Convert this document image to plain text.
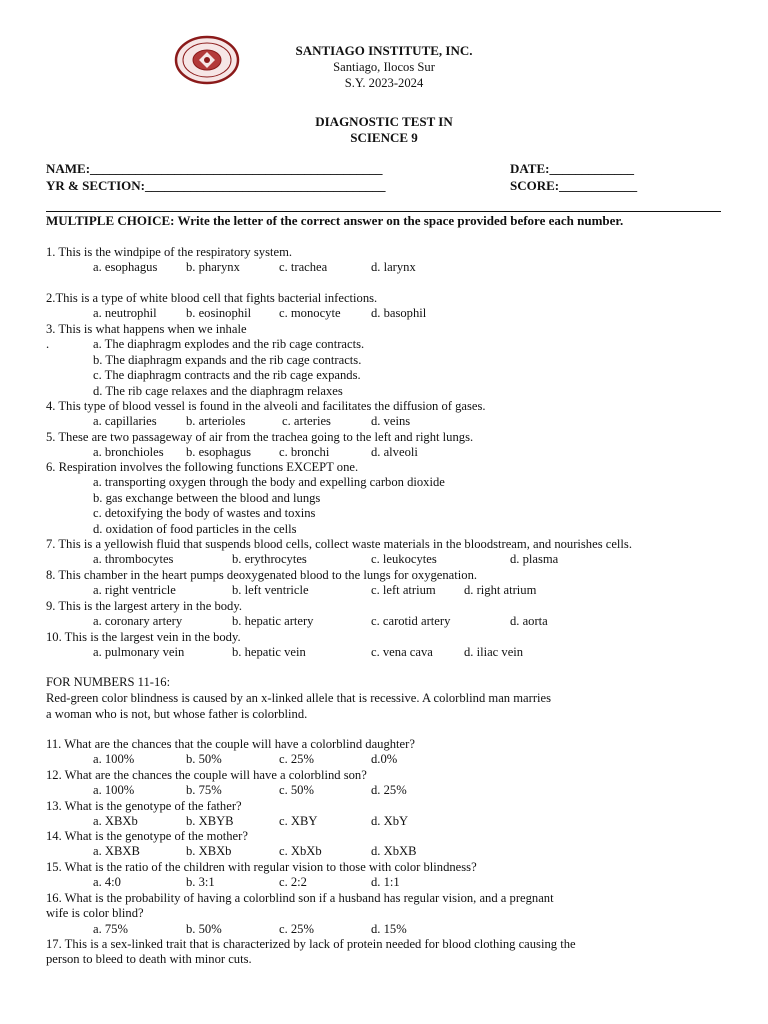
SANTIAGO INSTITUTE, INC.
Santiago, Ilocos Sur
S.Y. 2023-2024
DIAGNOSTIC TEST IN
SCIENCE 9
NAME:_____________________________________________	DATE:_____________
YR & SECTION:_____________________________________	SCORE:____________
MULTIPLE CHOICE: Write the letter of the correct answer on the space provided before each number.
1. This is the windpipe of the respiratory system.
a. esophagus b. pharynx	c. trachea	d. larynx
2.This is a type of white blood cell that fights bacterial infections.
a. neutrophil b. eosinophil c. monocyte d. basophil
3. This is what happens when we inhale
.	a. The diaphragm explodes and the rib cage contracts.
b. The diaphragm expands and the rib cage contracts.
c. The diaphragm contracts and the rib cage expands.
d. The rib cage relaxes and the diaphragm relaxes
4. This type of blood vessel is found in the alveoli and facilitates the diffusion of gases.
a. capillaries b. arterioles	c. arteries	d. veins
5. These are two passageway of air from the trachea going to the left and right lungs.
a. bronchioles b. esophagus c. bronchi	d. alveoli
6. Respiration involves the following functions EXCEPT one.
a. transporting oxygen through the body and expelling carbon dioxide
b. gas exchange between the blood and lungs
c. detoxifying the body of wastes and toxins
d. oxidation of food particles in the cells
7. This is a yellowish fluid that suspends blood cells, collect waste materials in the bloodstream, and nourishes cells.
a. thrombocytes	b. erythrocytes	c. leukocytes	d. plasma
8. This chamber in the heart pumps deoxygenated blood to the lungs for oxygenation.
a. right ventricle	b. left ventricle	c. left atrium d. right atrium
9. This is the largest artery in the body.
a. coronary artery	b. hepatic artery	c. carotid artery	d. aorta
10. This is the largest vein in the body.
a. pulmonary vein	b. hepatic vein	c. vena cava d. iliac vein
FOR NUMBERS 11-16:
Red-green color blindness is caused by an x-linked allele that is recessive. A colorblind man marries
a woman who is not, but whose father is colorblind.
11. What are the chances that the couple will have a colorblind daughter?
a. 100%	b. 50%	c. 25%	d.0%
12. What are the chances the couple will have a colorblind son?
a. 100%	b. 75%	c. 50%	d. 25%
13. What is the genotype of the father?
a. XBXb	b. XBYB	c. XBY	d. XbY
14. What is the genotype of the mother?
a. XBXB	b. XBXb	c. XbXb	d. XbXB
15. What is the ratio of the children with regular vision to those with color blindness?
a. 4:0	b. 3:1	c. 2:2	d. 1:1
16. What is the probability of having a colorblind son if a husband has regular vision, and a pregnant
wife is color blind?
a. 75%	b. 50%	c. 25%	d. 15%
17. This is a sex-linked trait that is characterized by lack of protein needed for blood clothing causing the
person to bleed to death with minor cuts.
